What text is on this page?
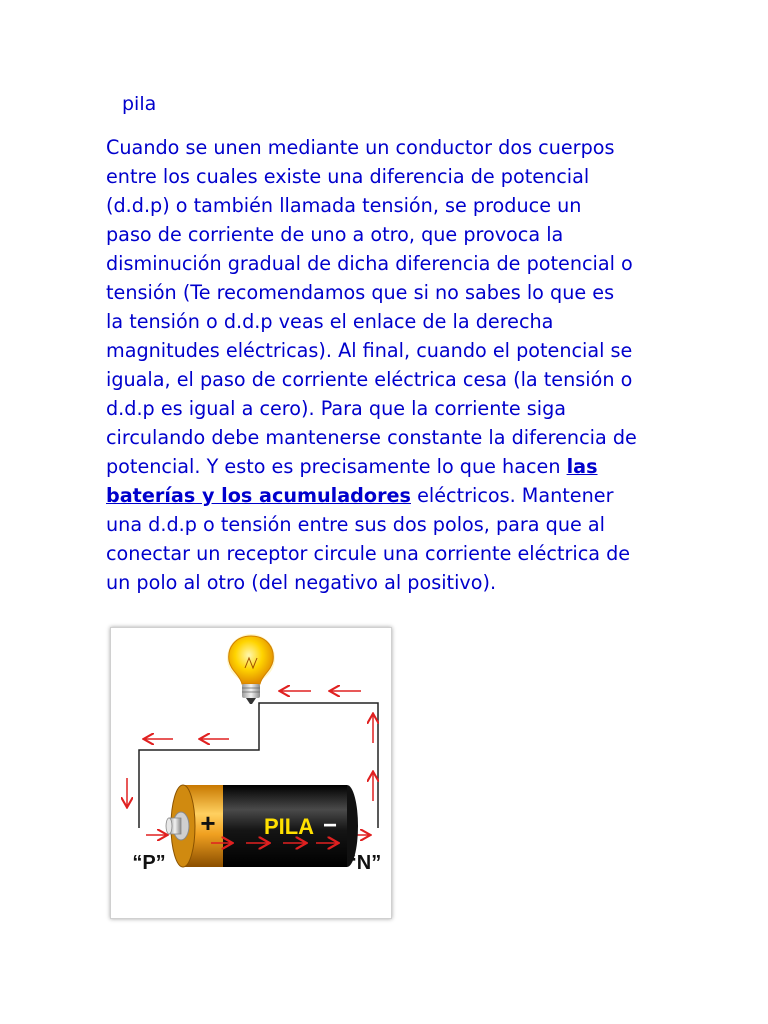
pila

Cuando se unen mediante un conductor dos cuerpos
entre los cuales existe una diferencia de potencial
(d.d.p) o también llamada tensión, se produce un
paso de corriente de uno a otro, que provoca la
disminución gradual de dicha diferencia de potencial o
tensión (Te recomendamos que si no sabes lo que es
la tensión o d.d.p veas el enlace de la derecha
magnitudes eléctricas). Al final, cuando el potencial se
iguala, el paso de corriente eléctrica cesa (la tensión o
d.d.p es igual a cero). Para que la corriente siga
circulando debe mantenerse constante la diferencia de
potencial. Y esto es precisamente lo que hacen las
baterías y los acumuladores eléctricos. Mantener
una d.d.p o tensión entre sus dos polos, para que al
conectar un receptor circule una corriente eléctrica de
un polo al otro (del negativo al positivo).

+ PILA −
“P”	“N”
